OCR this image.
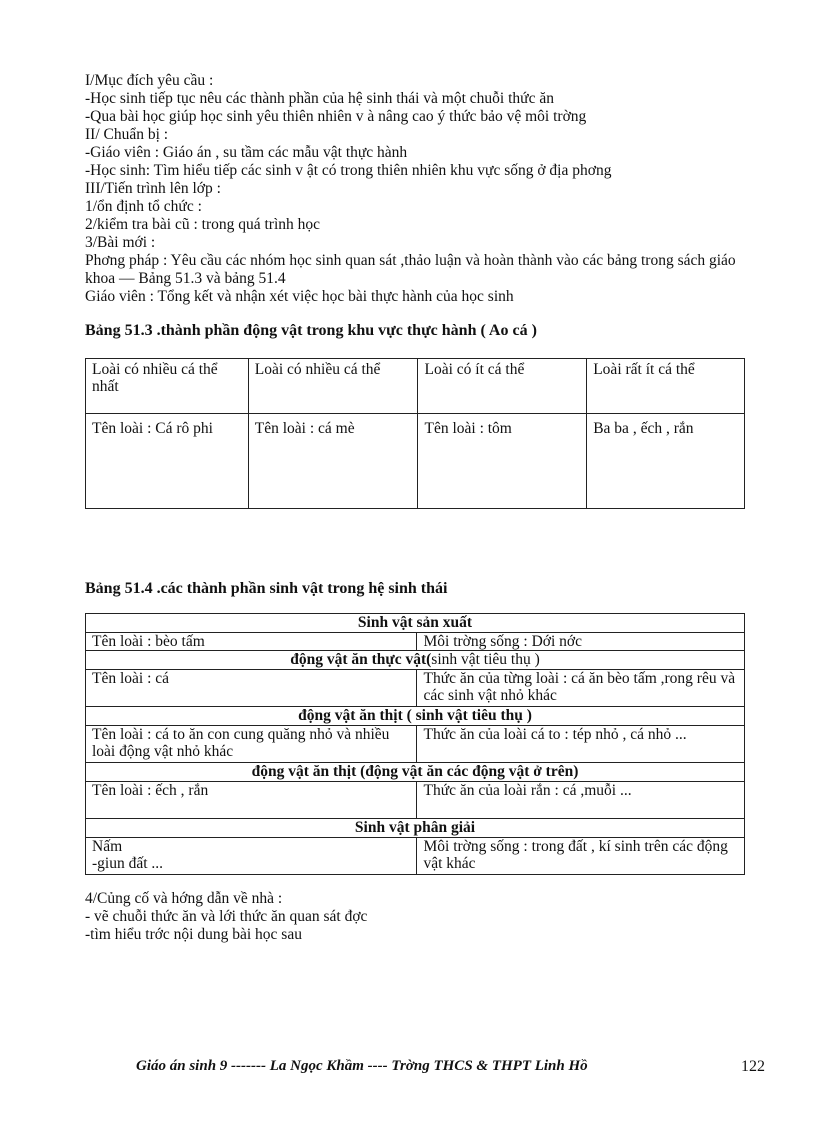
I/Mục đích yêu cầu :
-Học sinh tiếp tục nêu các thành phần của hệ sinh thái và một chuỗi thức ăn
-Qua bài học giúp học sinh yêu thiên nhiên v à nâng cao ý thức bảo vệ môi trờng
II/ Chuẩn bị :
-Giáo viên : Giáo án , su tầm các mẫu vật thực hành
-Học sinh: Tìm hiểu tiếp các sinh v ật có trong thiên nhiên khu vực sống ở địa phơng
III/Tiến trình lên lớp :
1/ổn định tổ chức :
2/kiểm tra bài cũ : trong quá trình học
3/Bài mới :
Phơng pháp : Yêu cầu các nhóm học sinh quan sát ,thảo luận và hoàn thành vào các bảng trong sách giáo khoa — Bảng 51.3 và bảng 51.4
Giáo viên : Tổng kết và nhận xét việc học bài thực hành của học sinh
Bảng 51.3 .thành phần động vật trong khu vực thực hành ( Ao cá )
Loài có nhiều cá thể nhất	Loài có nhiều cá thể	Loài có ít cá thể	Loài rất ít cá thể
Tên loài : Cá rô phi	Tên loài : cá mè	Tên loài : tôm	Ba ba , ếch , rắn
Bảng 51.4 .các thành phần sinh vật trong hệ sinh thái
Sinh vật sản xuất	
Tên loài : bèo tấm	Môi trờng sống : Dới nớc
động vật ăn thực vật(sinh vật tiêu thụ )	
Tên loài : cá	Thức ăn của từng loài : cá ăn bèo tấm ,rong rêu và các sinh vật nhỏ khác
động vật ăn thịt ( sinh vật tiêu thụ )	
Tên loài : cá to ăn con cung quăng nhỏ và nhiều loài động vật nhỏ khác	Thức ăn của loài cá to : tép nhỏ , cá nhỏ ...
động vật ăn thịt (động vật ăn các động vật ở trên)	
Tên loài : ếch , rắn	Thức ăn của loài rắn : cá ,muỗi ...
Sinh vật phân giải	

Nấm
-giun đất ...	Môi trờng sống : trong đất , kí sinh trên các động vật khác
4/Củng cố và hớng dẫn về nhà :
- vẽ chuỗi thức ăn và lới thức ăn quan sát đợc
-tìm hiểu trớc nội dung bài học sau
Giáo án sinh 9 ------- La Ngọc Khầm ---- Trờng THCS & THPT Linh Hồ	122
